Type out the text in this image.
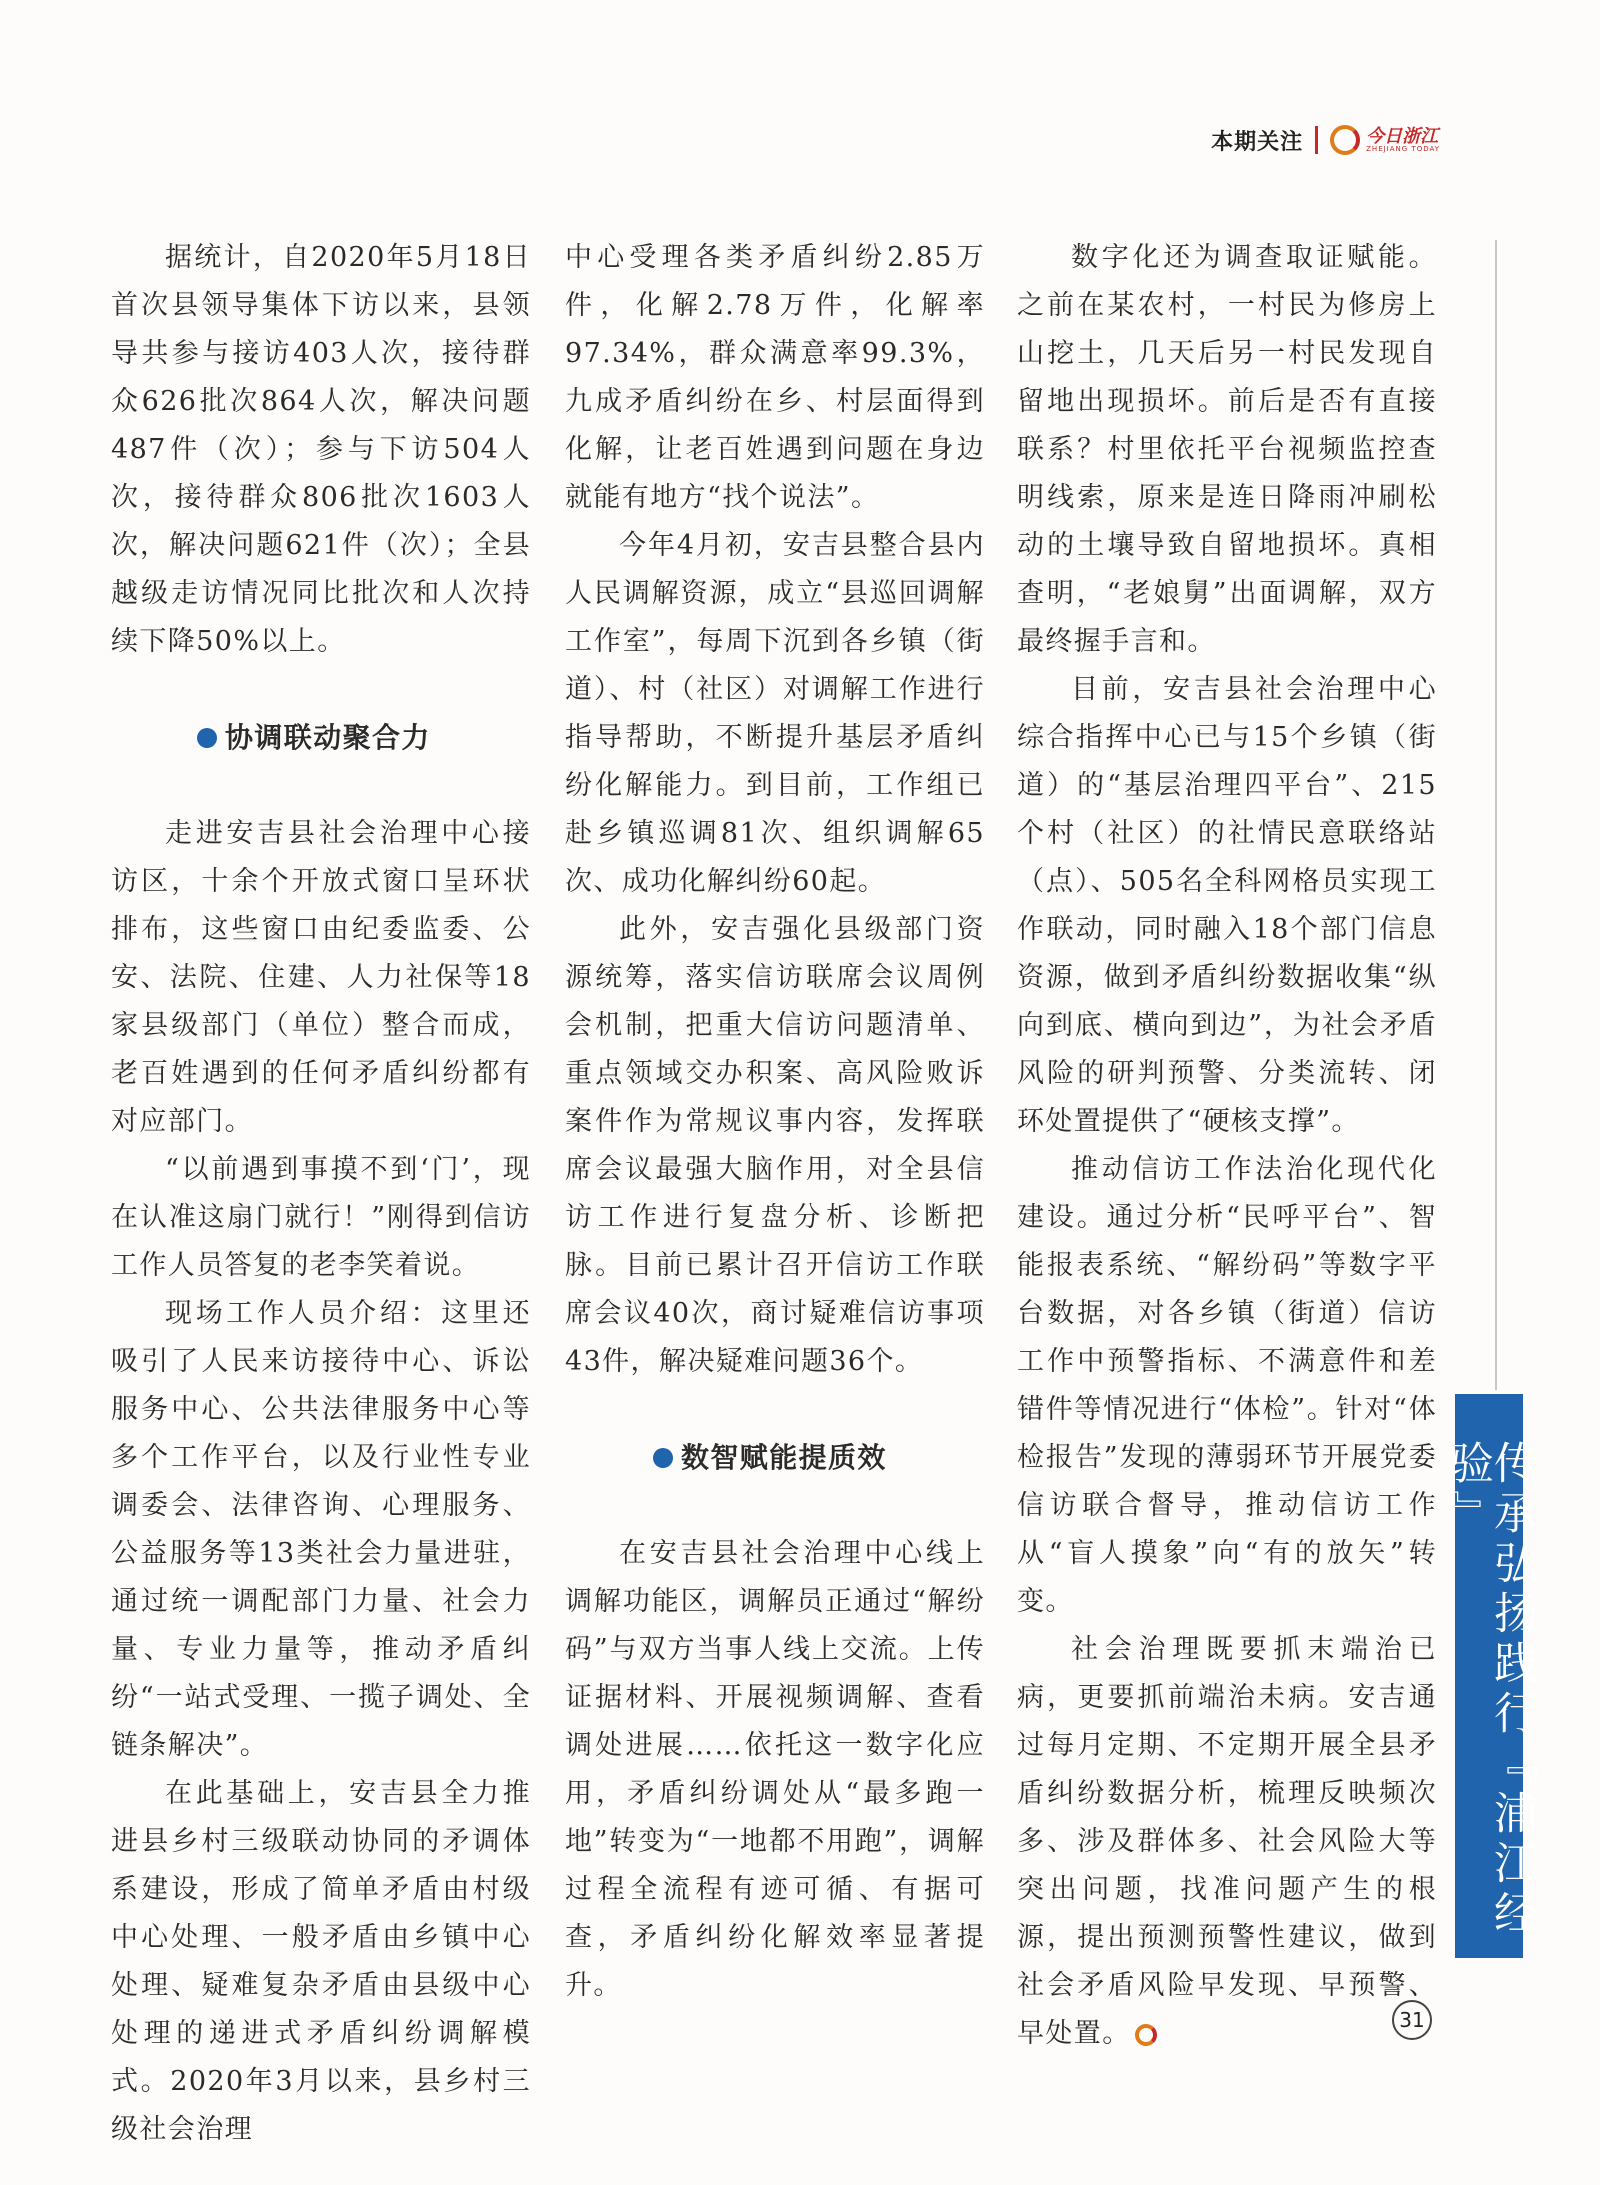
本期关注	今日浙江
ZHEJIANG TODAY

据统计，自2020年5月18日首次县领导集体下访以来，县领导共参与接访403人次，接待群众626批次864人次，解决问题487件（次）；参与下访504人次，接待群众806批次1603人次，解决问题621件（次）；全县越级走访情况同比批次和人次持续下降50%以上。

协调联动聚合力

走进安吉县社会治理中心接访区，十余个开放式窗口呈环状排布，这些窗口由纪委监委、公安、法院、住建、人力社保等18家县级部门（单位）整合而成，老百姓遇到的任何矛盾纠纷都有对应部门。

“以前遇到事摸不到‘门’，现在认准这扇门就行！”刚得到信访工作人员答复的老李笑着说。

现场工作人员介绍：这里还吸引了人民来访接待中心、诉讼服务中心、公共法律服务中心等多个工作平台，以及行业性专业调委会、法律咨询、心理服务、公益服务等13类社会力量进驻，通过统一调配部门力量、社会力量、专业力量等，推动矛盾纠纷“一站式受理、一揽子调处、全链条解决”。

在此基础上，安吉县全力推进县乡村三级联动协同的矛调体系建设，形成了简单矛盾由村级中心处理、一般矛盾由乡镇中心处理、疑难复杂矛盾由县级中心处理的递进式矛盾纠纷调解模式。2020年3月以来，县乡村三级社会治理

中心受理各类矛盾纠纷2.85万件，化解2.78万件，化解率97.34%，群众满意率99.3%，九成矛盾纠纷在乡、村层面得到化解，让老百姓遇到问题在身边就能有地方“找个说法”。

今年4月初，安吉县整合县内人民调解资源，成立“县巡回调解工作室”，每周下沉到各乡镇（街道）、村（社区）对调解工作进行指导帮助，不断提升基层矛盾纠纷化解能力。到目前，工作组已赴乡镇巡调81次、组织调解65次、成功化解纠纷60起。

此外，安吉强化县级部门资源统筹，落实信访联席会议周例会机制，把重大信访问题清单、重点领域交办积案、高风险败诉案件作为常规议事内容，发挥联席会议最强大脑作用，对全县信访工作进行复盘分析、诊断把脉。目前已累计召开信访工作联席会议40次，商讨疑难信访事项43件，解决疑难问题36个。

数智赋能提质效

在安吉县社会治理中心线上调解功能区，调解员正通过“解纷码”与双方当事人线上交流。上传证据材料、开展视频调解、查看调处进展……依托这一数字化应用，矛盾纠纷调处从“最多跑一地”转变为“一地都不用跑”，调解过程全流程有迹可循、有据可查，矛盾纠纷化解效率显著提升。

数字化还为调查取证赋能。之前在某农村，一村民为修房上山挖土，几天后另一村民发现自留地出现损坏。前后是否有直接联系？村里依托平台视频监控查明线索，原来是连日降雨冲刷松动的土壤导致自留地损坏。真相查明，“老娘舅”出面调解，双方最终握手言和。

目前，安吉县社会治理中心综合指挥中心已与15个乡镇（街道）的“基层治理四平台”、215个村（社区）的社情民意联络站（点）、505名全科网格员实现工作联动，同时融入18个部门信息资源，做到矛盾纠纷数据收集“纵向到底、横向到边”，为社会矛盾风险的研判预警、分类流转、闭环处置提供了“硬核支撑”。

推动信访工作法治化现代化建设。通过分析“民呼平台”、智能报表系统、“解纷码”等数字平台数据，对各乡镇（街道）信访工作中预警指标、不满意件和差错件等情况进行“体检”。针对“体检报告”发现的薄弱环节开展党委信访联合督导，推动信访工作从“盲人摸象”向“有的放矢”转变。

社会治理既要抓末端治已病，更要抓前端治未病。安吉通过每月定期、不定期开展全县矛盾纠纷数据分析，梳理反映频次多、涉及群体多、社会风险大等突出问题，找准问题产生的根源，提出预测预警性建议，做到社会矛盾风险早发现、早预警、早处置。

传承弘扬践行『浦江经验』
31
